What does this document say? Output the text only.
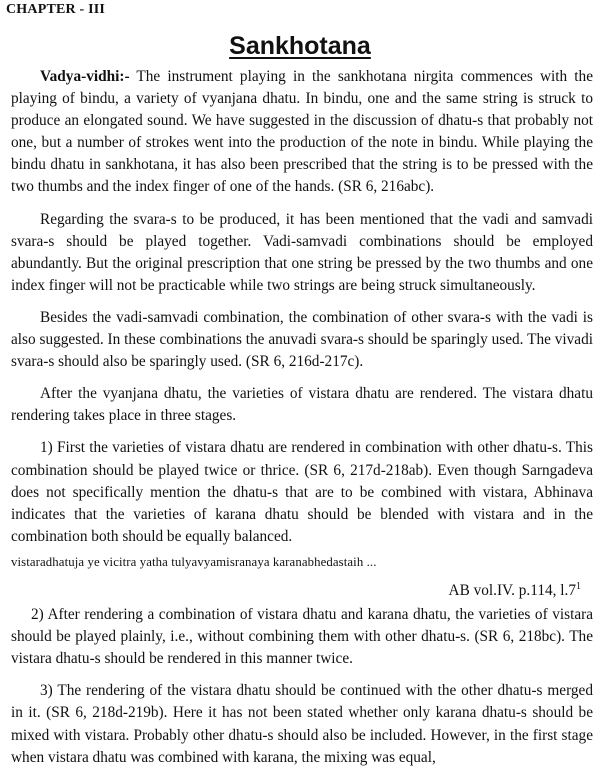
CHAPTER - III
Sankhotana

Vadya-vidhi:- The instrument playing in the sankhotana nirgita commences with the playing of bindu, a variety of vyanjana dhatu. In bindu, one and the same string is struck to produce an elongated sound. We have suggested in the discussion of dhatu-s that probably not one, but a number of strokes went into the production of the note in bindu. While playing the bindu dhatu in sankhotana, it has also been prescribed that the string is to be pressed with the two thumbs and the index finger of one of the hands. (SR 6, 216abc).

Regarding the svara-s to be produced, it has been mentioned that the vadi and samvadi svara-s should be played together. Vadi-samvadi combinations should be employed abundantly. But the original prescription that one string be pressed by the two thumbs and one index finger will not be practicable while two strings are being struck simultaneously.

Besides the vadi-samvadi combination, the combination of other svara-s with the vadi is also suggested. In these combinations the anuvadi svara-s should be sparingly used. The vivadi svara-s should also be sparingly used. (SR 6, 216d-217c).

After the vyanjana dhatu, the varieties of vistara dhatu are rendered. The vistara dhatu rendering takes place in three stages.

1) First the varieties of vistara dhatu are rendered in combination with other dhatu-s. This combination should be played twice or thrice. (SR 6, 217d-218ab). Even though Sarngadeva does not specifically mention the dhatu-s that are to be combined with vistara, Abhinava indicates that the varieties of karana dhatu should be blended with vistara and in the combination both should be equally balanced.

vistaradhatuja ye vicitra yatha tulyavyamisranaya karanabhedastaih ...

AB vol.IV. p.114, $l.7^1$

2) After rendering a combination of vistara dhatu and karana dhatu, the varieties of vistara should be played plainly, i.e., without combining them with other dhatu-s. (SR 6, 218bc). The vistara dhatu-s should be rendered in this manner twice.

3) The rendering of the vistara dhatu should be continued with the other dhatu-s merged in it. (SR 6, 218d-219b). Here it has not been stated whether only karana dhatu-s should be mixed with vistara. Probably other dhatu-s should also be included. However, in the first stage when vistara dhatu was combined with karana, the mixing was equal,
